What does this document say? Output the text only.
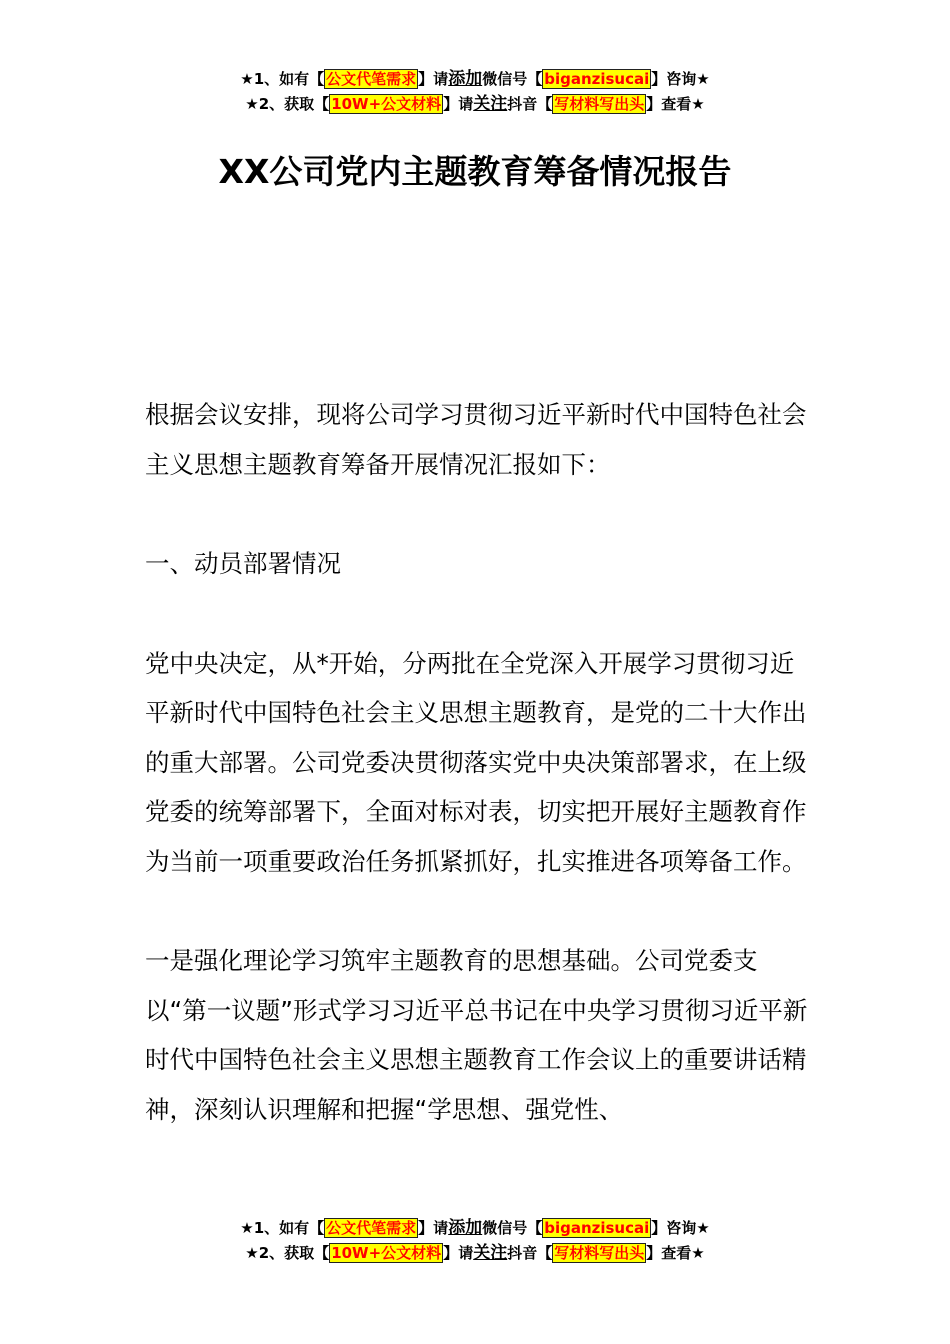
★1、如有【 公文代笔需求 】请添加微信号【 biganzisucai 】咨询★
★2、获取【 10W+公文材料 】请关注抖音【 写材料写出头 】查看★
XX公司党内主题教育筹备情况报告

根据会议安排，现将公司学习贯彻习近平新时代中国特色社会主义思想主题教育筹备开展情况汇报如下：

一、动员部署情况

党中央决定，从*开始，分两批在全党深入开展学习贯彻习近平新时代中国特色社会主义思想主题教育，是党的二十大作出的重大部署。公司党委决贯彻落实党中央决策部署求，在上级党委的统筹部署下，全面对标对表，切实把开展好主题教育作为当前一项重要政治任务抓紧抓好，扎实推进各项筹备工作。

一是强化理论学习筑牢主题教育的思想基础。公司党委支以“第一议题”形式学习习近平总书记在中央学习贯彻习近平新时代中国特色社会主义思想主题教育工作会议上的重要讲话精神，深刻认识理解和把握“学思想、强党性、

★1、如有【 公文代笔需求 】请添加微信号【 biganzisucai 】咨询★
★2、获取【 10W+公文材料 】请关注抖音【 写材料写出头 】查看★
